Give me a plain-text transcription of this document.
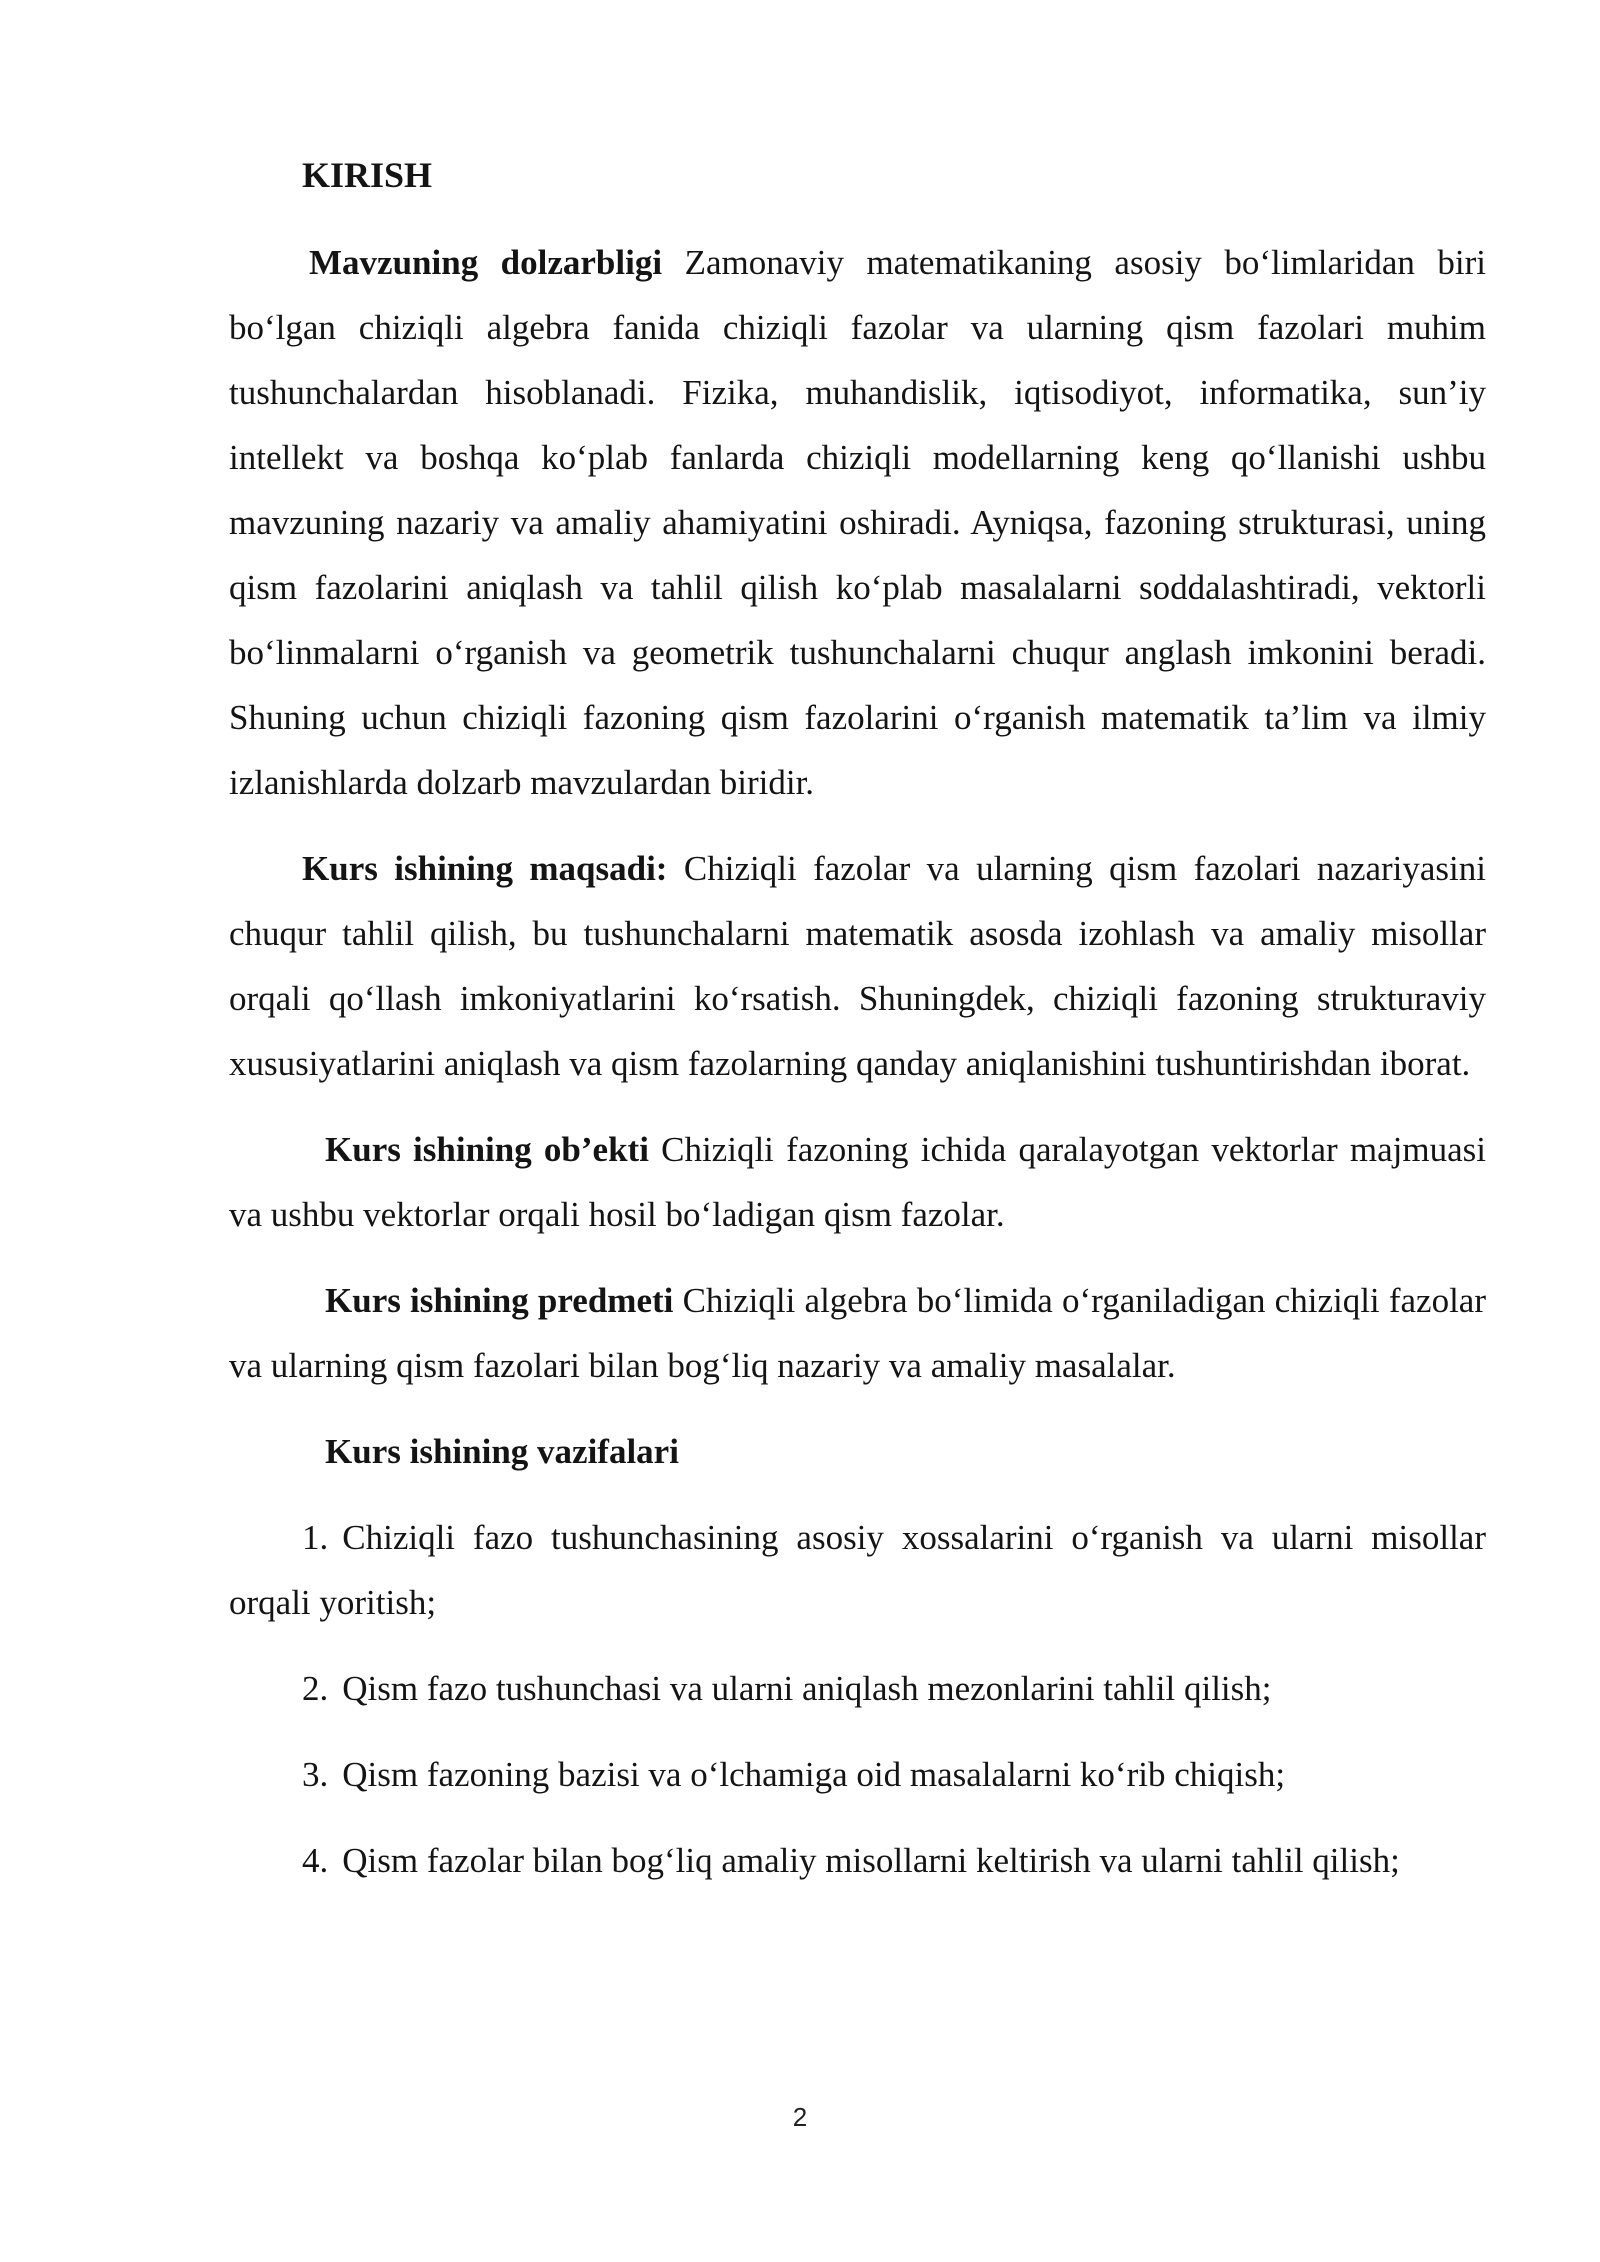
KIRISH

Mavzuning dolzarbligi Zamonaviy matematikaning asosiy bo‘limlaridan biri bo‘lgan chiziqli algebra fanida chiziqli fazolar va ularning qism fazolari muhim tushunchalardan hisoblanadi. Fizika, muhandislik, iqtisodiyot, informatika, sun’iy intellekt va boshqa ko‘plab fanlarda chiziqli modellarning keng qo‘llanishi ushbu mavzuning nazariy va amaliy ahamiyatini oshiradi. Ayniqsa, fazoning strukturasi, uning qism fazolarini aniqlash va tahlil qilish ko‘plab masalalarni soddalashtiradi, vektorli bo‘linmalarni o‘rganish va geometrik tushunchalarni chuqur anglash imkonini beradi. Shuning uchun chiziqli fazoning qism fazolarini o‘rganish matematik ta’lim va ilmiy izlanishlarda dolzarb mavzulardan biridir.

Kurs ishining maqsadi: Chiziqli fazolar va ularning qism fazolari nazariyasini chuqur tahlil qilish, bu tushunchalarni matematik asosda izohlash va amaliy misollar orqali qo‘llash imkoniyatlarini ko‘rsatish. Shuningdek, chiziqli fazoning strukturaviy xususiyatlarini aniqlash va qism fazolarning qanday aniqlanishini tushuntirishdan iborat.

Kurs ishining ob’ekti Chiziqli fazoning ichida qaralayotgan vektorlar majmuasi va ushbu vektorlar orqali hosil bo‘ladigan qism fazolar.

Kurs ishining predmeti Chiziqli algebra bo‘limida o‘rganiladigan chiziqli fazolar va ularning qism fazolari bilan bog‘liq nazariy va amaliy masalalar.

Kurs ishining vazifalari

1. Chiziqli fazo tushunchasining asosiy xossalarini o‘rganish va ularni misollar orqali yoritish;

2. Qism fazo tushunchasi va ularni aniqlash mezonlarini tahlil qilish;

3. Qism fazoning bazisi va o‘lchamiga oid masalalarni ko‘rib chiqish;

4. Qism fazolar bilan bog‘liq amaliy misollarni keltirish va ularni tahlil qilish;

2
